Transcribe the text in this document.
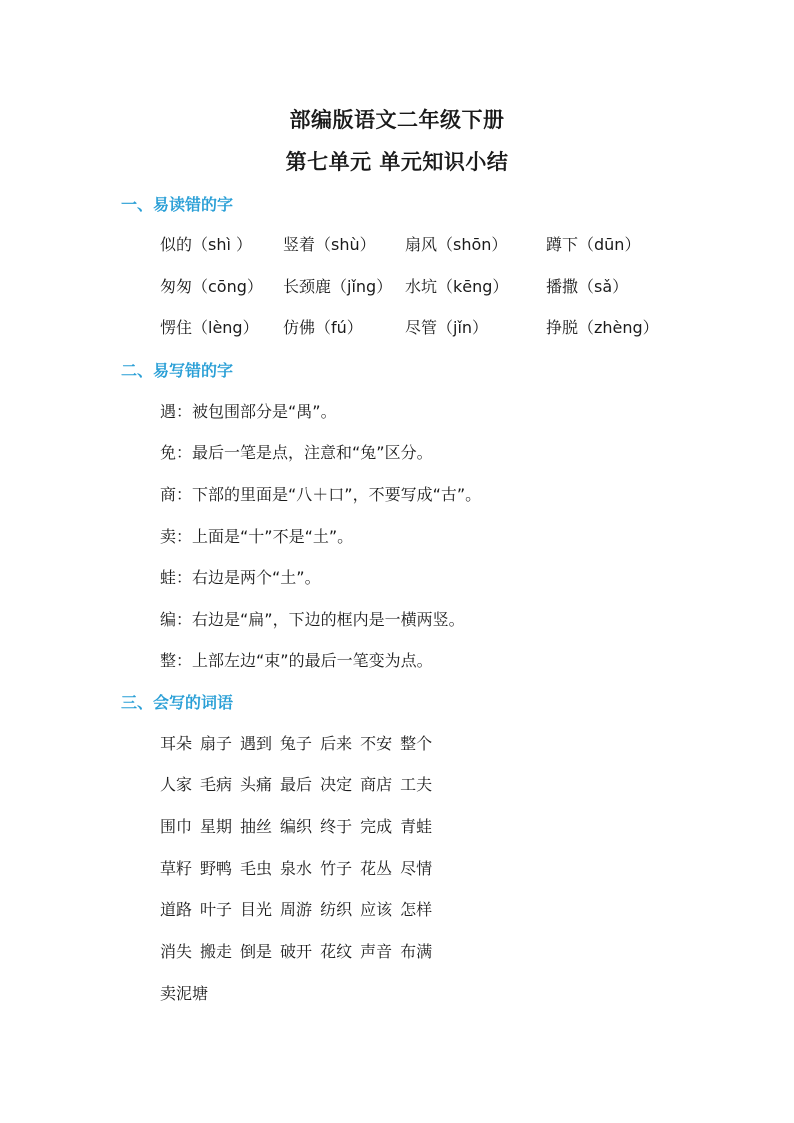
部编版语文二年级下册
第七单元 单元知识小结
一、易读错的字
似的（shì ） 竖着（shù） 扇风（shōn） 蹲下（dūn）
匆匆（cōng） 长颈鹿（jǐng） 水坑（kēng） 播撒（sǎ）
愣住（lèng） 仿佛（fú）	尽管（jǐn）	挣脱（zhèng）
二、易写错的字
遇：被包围部分是“禺”。
免：最后一笔是点，注意和“兔”区分。
商：下部的里面是“八＋口”，不要写成“古”。
卖：上面是“十”不是“土”。
蛙：右边是两个“土”。
编：右边是“扁”，下边的框内是一横两竖。
整：上部左边“束”的最后一笔变为点。
三、会写的词语
耳朵 扇子 遇到 兔子 后来 不安 整个
人家 毛病 头痛 最后 决定 商店 工夫
围巾 星期 抽丝 编织 终于 完成 青蛙
草籽 野鸭 毛虫 泉水 竹子 花丛 尽情
道路 叶子 目光 周游 纺织 应该 怎样
消失 搬走 倒是 破开 花纹 声音 布满
卖泥塘
